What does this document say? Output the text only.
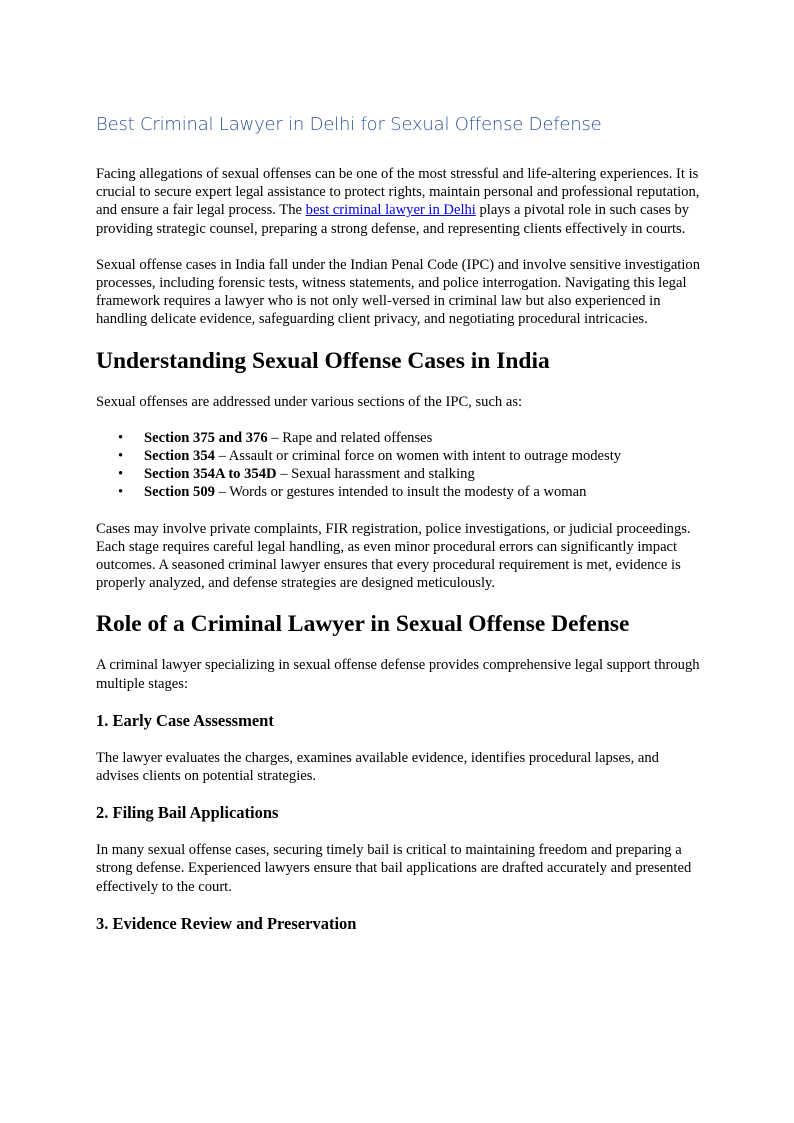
Best Criminal Lawyer in Delhi for Sexual Offense Defense

Facing allegations of sexual offenses can be one of the most stressful and life-altering experiences. It is crucial to secure expert legal assistance to protect rights, maintain personal and professional reputation, and ensure a fair legal process. The best criminal lawyer in Delhi plays a pivotal role in such cases by providing strategic counsel, preparing a strong defense, and representing clients effectively in courts.

Sexual offense cases in India fall under the Indian Penal Code (IPC) and involve sensitive investigation processes, including forensic tests, witness statements, and police interrogation. Navigating this legal framework requires a lawyer who is not only well-versed in criminal law but also experienced in handling delicate evidence, safeguarding client privacy, and negotiating procedural intricacies.

Understanding Sexual Offense Cases in India

Sexual offenses are addressed under various sections of the IPC, such as:

• Section 375 and 376 – Rape and related offenses
• Section 354 – Assault or criminal force on women with intent to outrage modesty
• Section 354A to 354D – Sexual harassment and stalking
• Section 509 – Words or gestures intended to insult the modesty of a woman

Cases may involve private complaints, FIR registration, police investigations, or judicial proceedings. Each stage requires careful legal handling, as even minor procedural errors can significantly impact outcomes. A seasoned criminal lawyer ensures that every procedural requirement is met, evidence is properly analyzed, and defense strategies are designed meticulously.

Role of a Criminal Lawyer in Sexual Offense Defense

A criminal lawyer specializing in sexual offense defense provides comprehensive legal support through multiple stages:

1. Early Case Assessment

The lawyer evaluates the charges, examines available evidence, identifies procedural lapses, and advises clients on potential strategies.

2. Filing Bail Applications

In many sexual offense cases, securing timely bail is critical to maintaining freedom and preparing a strong defense. Experienced lawyers ensure that bail applications are drafted accurately and presented effectively to the court.

3. Evidence Review and Preservation
